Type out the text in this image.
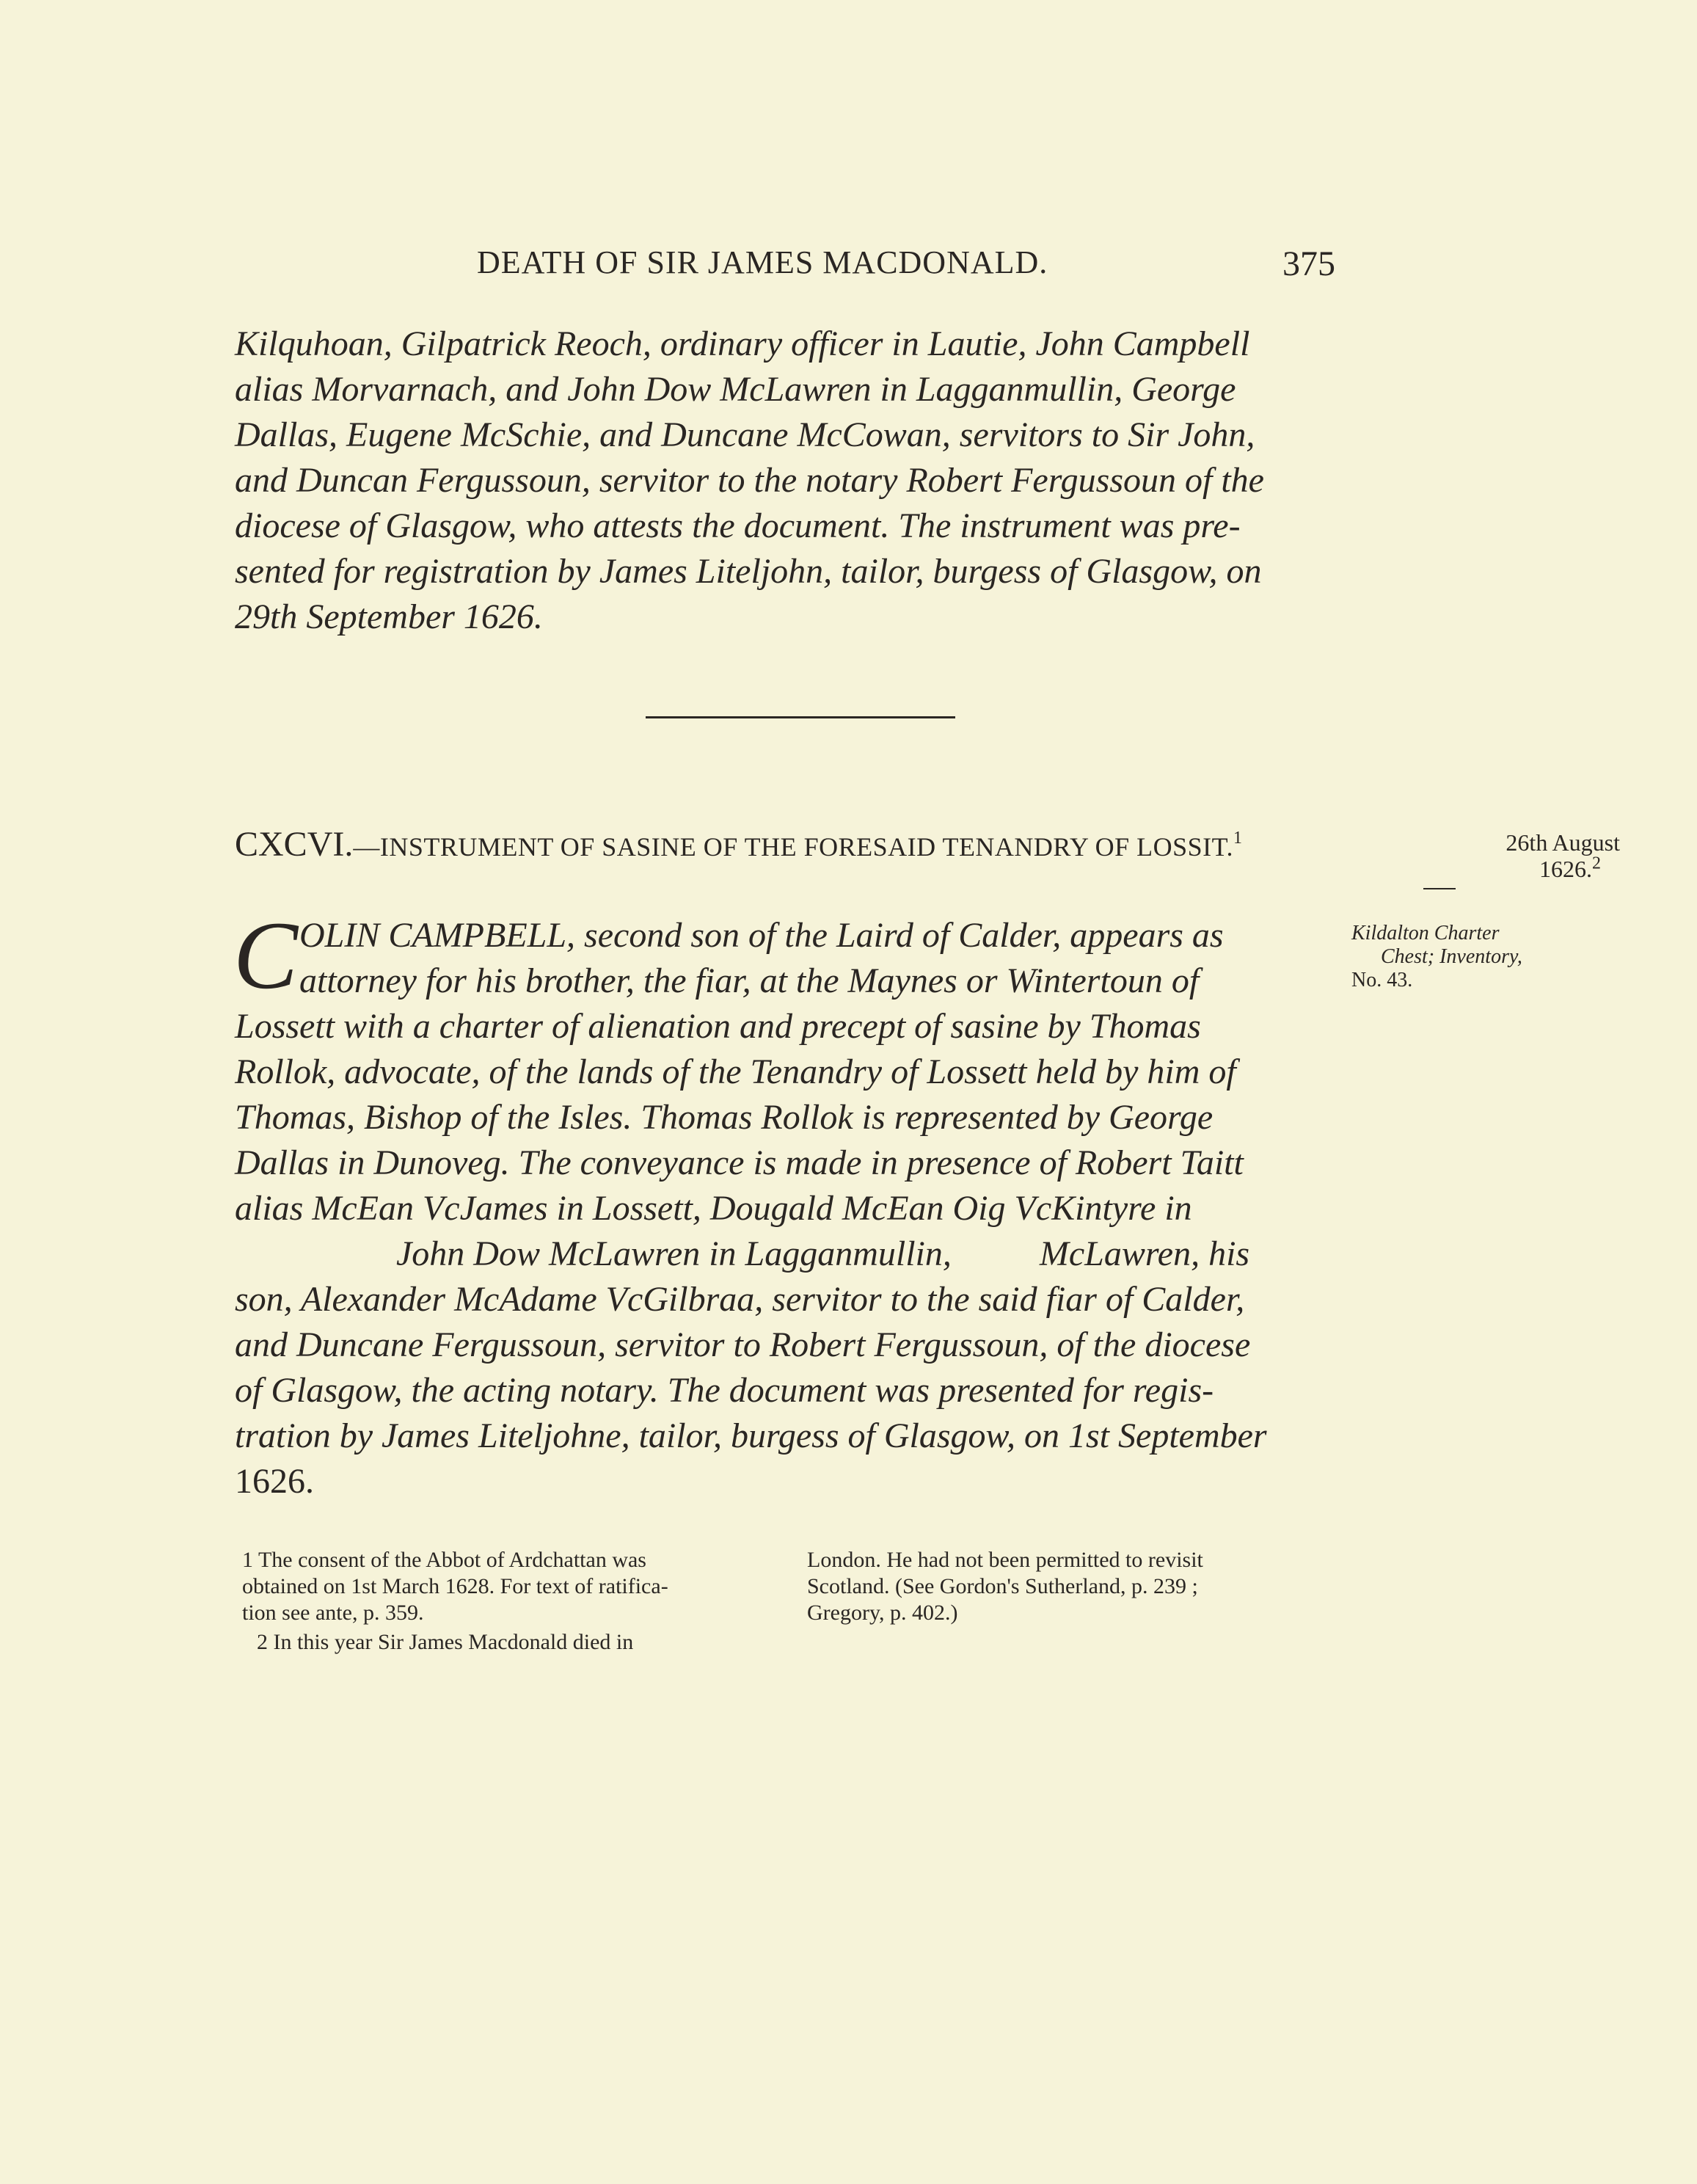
DEATH OF SIR JAMES MACDONALD.	375
Kilquhoan, Gilpatrick Reoch, ordinary officer in Lautie, John Campbell
alias Morvarnach, and John Dow McLawren in Lagganmullin, George
Dallas, Eugene McSchie, and Duncane McCowan, servitors to Sir John,
and Duncan Fergussoun, servitor to the notary Robert Fergussoun of the
diocese of Glasgow, who attests the document. The instrument was pre-
sented for registration by James Liteljohn, tailor, burgess of Glasgow, on
29th September 1626.
CXCVI.—INSTRUMENT OF SASINE OF THE FORESAID TENANDRY OF LOSSIT.$^1$	26th August
1626.$^2$
Kildalton Charter
Chest; Inventory,
No. 43.
C OLIN CAMPBELL, second son of the Laird of Calder, appears as
attorney for his brother, the fiar, at the Maynes or Wintertoun of
Lossett with a charter of alienation and precept of sasine by Thomas
Rollok, advocate, of the lands of the Tenandry of Lossett held by him of
Thomas, Bishop of the Isles. Thomas Rollok is represented by George
Dallas in Dunoveg. The conveyance is made in presence of Robert Taitt
alias McEan VcJames in Lossett, Dougald McEan Oig VcKintyre in
John Dow McLawren in Lagganmullin,          McLawren, his
son, Alexander McAdame VcGilbraa, servitor to the said fiar of Calder,
and Duncane Fergussoun, servitor to Robert Fergussoun, of the diocese
of Glasgow, the acting notary. The document was presented for regis-
tration by James Liteljohne, tailor, burgess of Glasgow, on 1st September
1626.
1 The consent of the Abbot of Ardchattan was
obtained on 1st March 1628. For text of ratifica-
tion see ante, p. 359.
2 In this year Sir James Macdonald died in
London. He had not been permitted to revisit
Scotland. (See Gordon's Sutherland, p. 239 ;
Gregory, p. 402.)
